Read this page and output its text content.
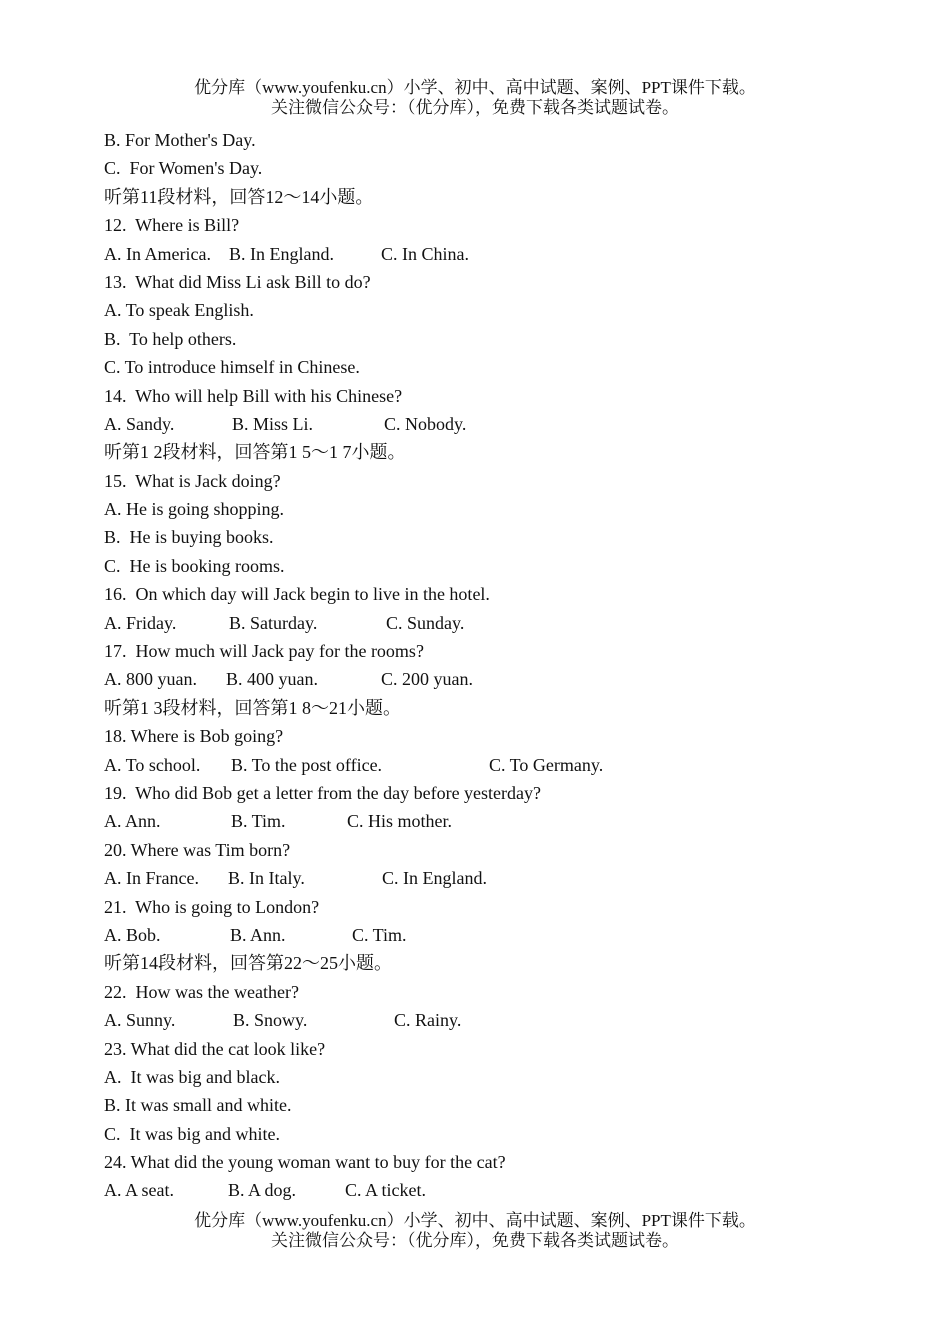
优分库（www.youfenku.cn）小学、初中、高中试题、案例、PPT课件下载。
关注微信公众号：（优分库），免费下载各类试题试卷。
B. For Mother's Day.
C.  For Women's Day.
听第11段材料，回答12～14小题。
12.  Where is Bill?
A. In America. B. In England.	C. In China.
13.  What did Miss Li ask Bill to do?
A. To speak English.
B.  To help others.
C. To introduce himself in Chinese.
14.  Who will help Bill with his Chinese?
A. Sandy.	B. Miss Li.	C. Nobody.
听第1 2段材料，回答第1 5～1 7小题。
15.  What is Jack doing?
A. He is going shopping.
B.  He is buying books.
C.  He is booking rooms.
16.  On which day will Jack begin to live in the hotel.
A. Friday.	B. Saturday.	C. Sunday.
17.  How much will Jack pay for the rooms?
A. 800 yuan. B. 400 yuan.	C. 200 yuan.
听第1 3段材料，回答第1 8～21小题。
18. Where is Bob going?
A. To school. B. To the post office.	C. To Germany.
19.  Who did Bob get a letter from the day before yesterday?
A. Ann.	B. Tim.	C. His mother.
20. Where was Tim born?
A. In France. B. In Italy.	C. In England.
21.  Who is going to London?
A. Bob.	B. Ann.	C. Tim.
听第14段材料，回答第22～25小题。
22.  How was the weather?
A. Sunny.	B. Snowy.	C. Rainy.
23. What did the cat look like?
A.  It was big and black.
B. It was small and white.
C.  It was big and white.
24. What did the young woman want to buy for the cat?
A. A seat.	B. A dog.	C. A ticket.
优分库（www.youfenku.cn）小学、初中、高中试题、案例、PPT课件下载。
关注微信公众号：（优分库），免费下载各类试题试卷。
